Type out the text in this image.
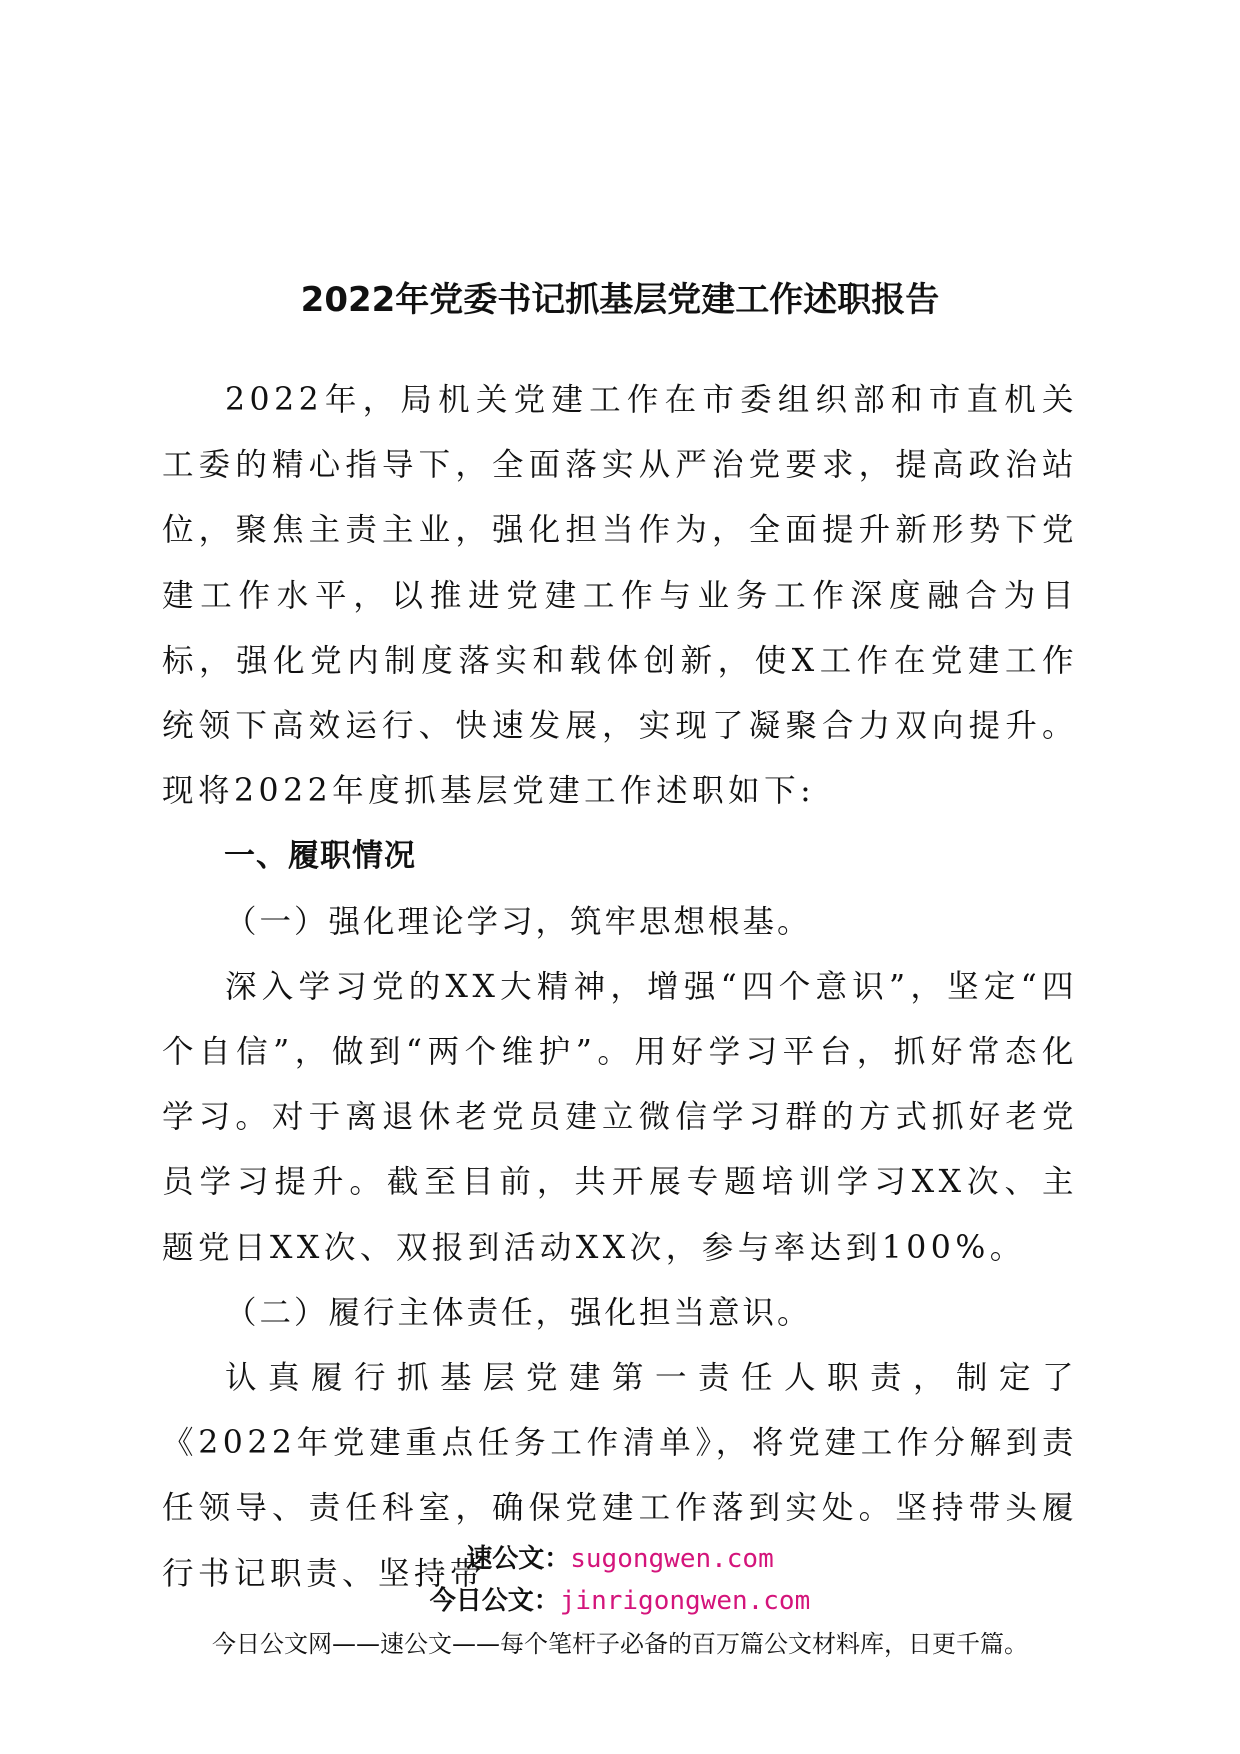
2022年党委书记抓基层党建工作述职报告

2022年，局机关党建工作在市委组织部和市直机关工委的精心指导下，全面落实从严治党要求，提高政治站位，聚焦主责主业，强化担当作为，全面提升新形势下党建工作水平，以推进党建工作与业务工作深度融合为目标，强化党内制度落实和载体创新，使X工作在党建工作统领下高效运行、快速发展，实现了凝聚合力双向提升。现将2022年度抓基层党建工作述职如下:

一、履职情况

（一）强化理论学习，筑牢思想根基。

深入学习党的XX大精神，增强“四个意识”，坚定“四个自信”，做到“两个维护”。用好学习平台，抓好常态化学习。对于离退休老党员建立微信学习群的方式抓好老党员学习提升。截至目前，共开展专题培训学习XX次、主题党日XX次、双报到活动XX次，参与率达到100%。

（二）履行主体责任，强化担当意识。

认真履行抓基层党建第一责任人职责，制定了《2022年党建重点任务工作清单》，将党建工作分解到责任领导、责任科室，确保党建工作落到实处。坚持带头履行书记职责、坚持带

速公文：sugongwen.com
今日公文：jinrigongwen.com
今日公文网——速公文——每个笔杆子必备的百万篇公文材料库，日更千篇。
